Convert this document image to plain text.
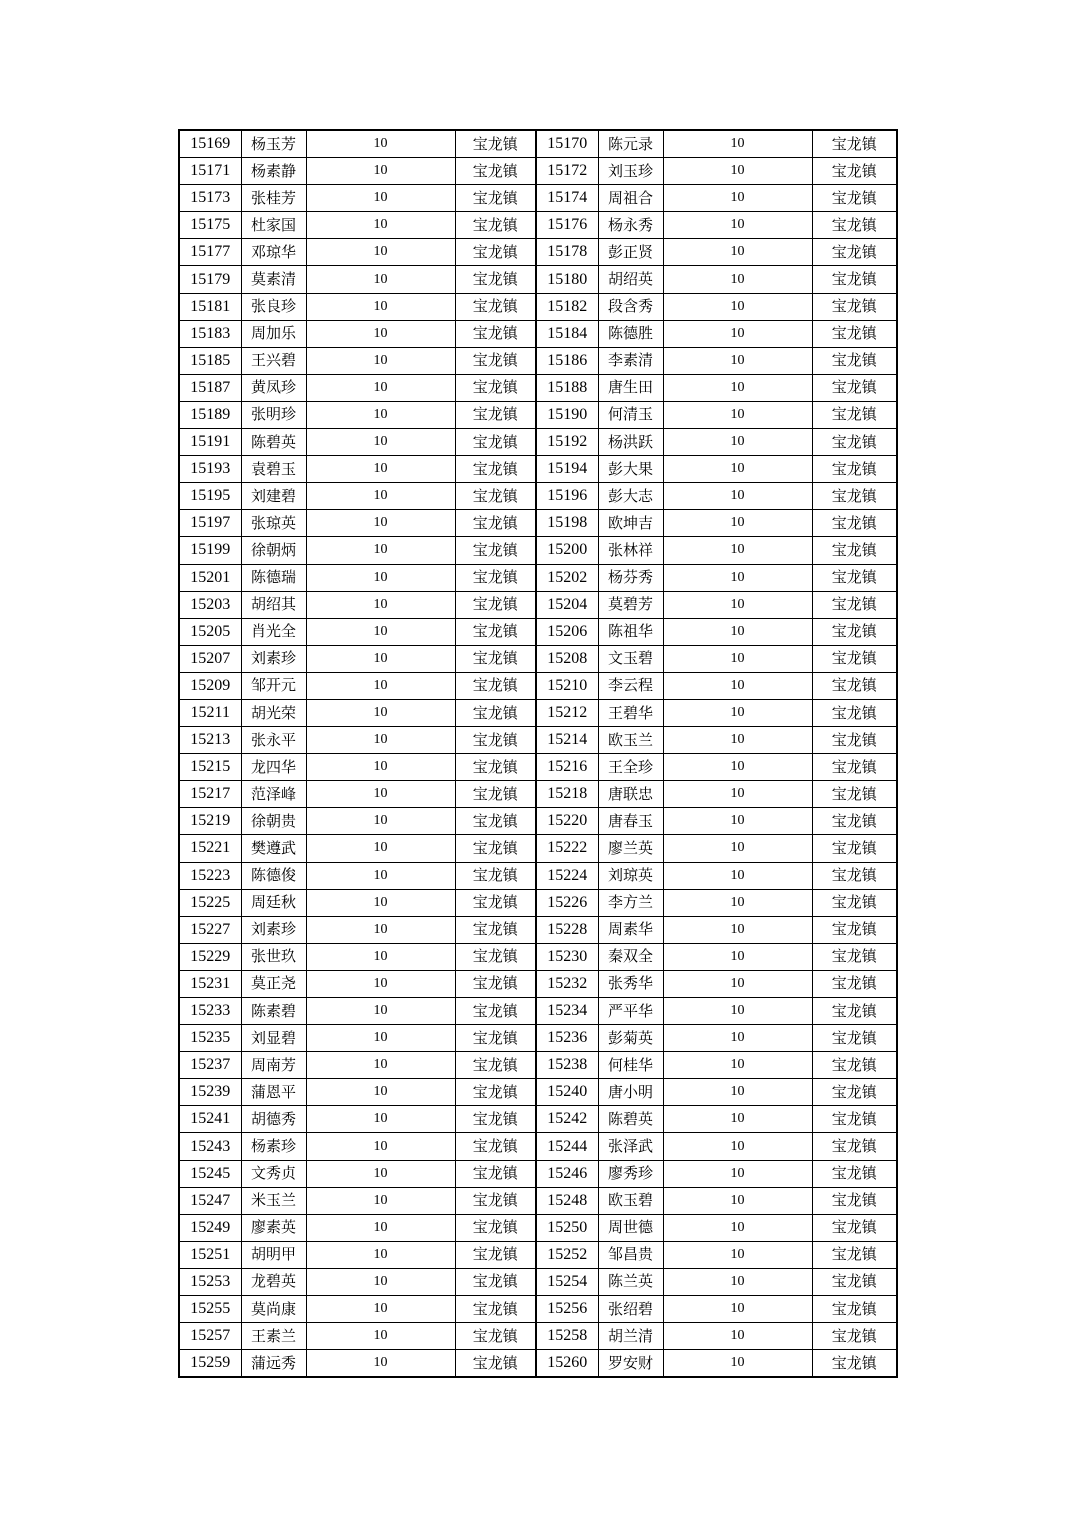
15169	杨玉芳	10	宝龙镇	15170	陈元录	10	宝龙镇
15171	杨素静	10	宝龙镇	15172	刘玉珍	10	宝龙镇
15173	张桂芳	10	宝龙镇	15174	周祖合	10	宝龙镇
15175	杜家国	10	宝龙镇	15176	杨永秀	10	宝龙镇
15177	邓琼华	10	宝龙镇	15178	彭正贤	10	宝龙镇
15179	莫素清	10	宝龙镇	15180	胡绍英	10	宝龙镇
15181	张良珍	10	宝龙镇	15182	段含秀	10	宝龙镇
15183	周加乐	10	宝龙镇	15184	陈德胜	10	宝龙镇
15185	王兴碧	10	宝龙镇	15186	李素清	10	宝龙镇
15187	黄凤珍	10	宝龙镇	15188	唐生田	10	宝龙镇
15189	张明珍	10	宝龙镇	15190	何清玉	10	宝龙镇
15191	陈碧英	10	宝龙镇	15192	杨洪跃	10	宝龙镇
15193	袁碧玉	10	宝龙镇	15194	彭大果	10	宝龙镇
15195	刘建碧	10	宝龙镇	15196	彭大志	10	宝龙镇
15197	张琼英	10	宝龙镇	15198	欧坤吉	10	宝龙镇
15199	徐朝炳	10	宝龙镇	15200	张林祥	10	宝龙镇
15201	陈德瑞	10	宝龙镇	15202	杨芬秀	10	宝龙镇
15203	胡绍其	10	宝龙镇	15204	莫碧芳	10	宝龙镇
15205	肖光全	10	宝龙镇	15206	陈祖华	10	宝龙镇
15207	刘素珍	10	宝龙镇	15208	文玉碧	10	宝龙镇
15209	邹开元	10	宝龙镇	15210	李云程	10	宝龙镇
15211	胡光荣	10	宝龙镇	15212	王碧华	10	宝龙镇
15213	张永平	10	宝龙镇	15214	欧玉兰	10	宝龙镇
15215	龙四华	10	宝龙镇	15216	王全珍	10	宝龙镇
15217	范泽峰	10	宝龙镇	15218	唐联忠	10	宝龙镇
15219	徐朝贵	10	宝龙镇	15220	唐春玉	10	宝龙镇
15221	樊遵武	10	宝龙镇	15222	廖兰英	10	宝龙镇
15223	陈德俊	10	宝龙镇	15224	刘琼英	10	宝龙镇
15225	周廷秋	10	宝龙镇	15226	李方兰	10	宝龙镇
15227	刘素珍	10	宝龙镇	15228	周素华	10	宝龙镇
15229	张世玖	10	宝龙镇	15230	秦双全	10	宝龙镇
15231	莫正尧	10	宝龙镇	15232	张秀华	10	宝龙镇
15233	陈素碧	10	宝龙镇	15234	严平华	10	宝龙镇
15235	刘显碧	10	宝龙镇	15236	彭菊英	10	宝龙镇
15237	周南芳	10	宝龙镇	15238	何桂华	10	宝龙镇
15239	蒲恩平	10	宝龙镇	15240	唐小明	10	宝龙镇
15241	胡德秀	10	宝龙镇	15242	陈碧英	10	宝龙镇
15243	杨素珍	10	宝龙镇	15244	张泽武	10	宝龙镇
15245	文秀贞	10	宝龙镇	15246	廖秀珍	10	宝龙镇
15247	米玉兰	10	宝龙镇	15248	欧玉碧	10	宝龙镇
15249	廖素英	10	宝龙镇	15250	周世德	10	宝龙镇
15251	胡明甲	10	宝龙镇	15252	邹昌贵	10	宝龙镇
15253	龙碧英	10	宝龙镇	15254	陈兰英	10	宝龙镇
15255	莫尚康	10	宝龙镇	15256	张绍碧	10	宝龙镇
15257	王素兰	10	宝龙镇	15258	胡兰清	10	宝龙镇
15259	蒲远秀	10	宝龙镇	15260	罗安财	10	宝龙镇
